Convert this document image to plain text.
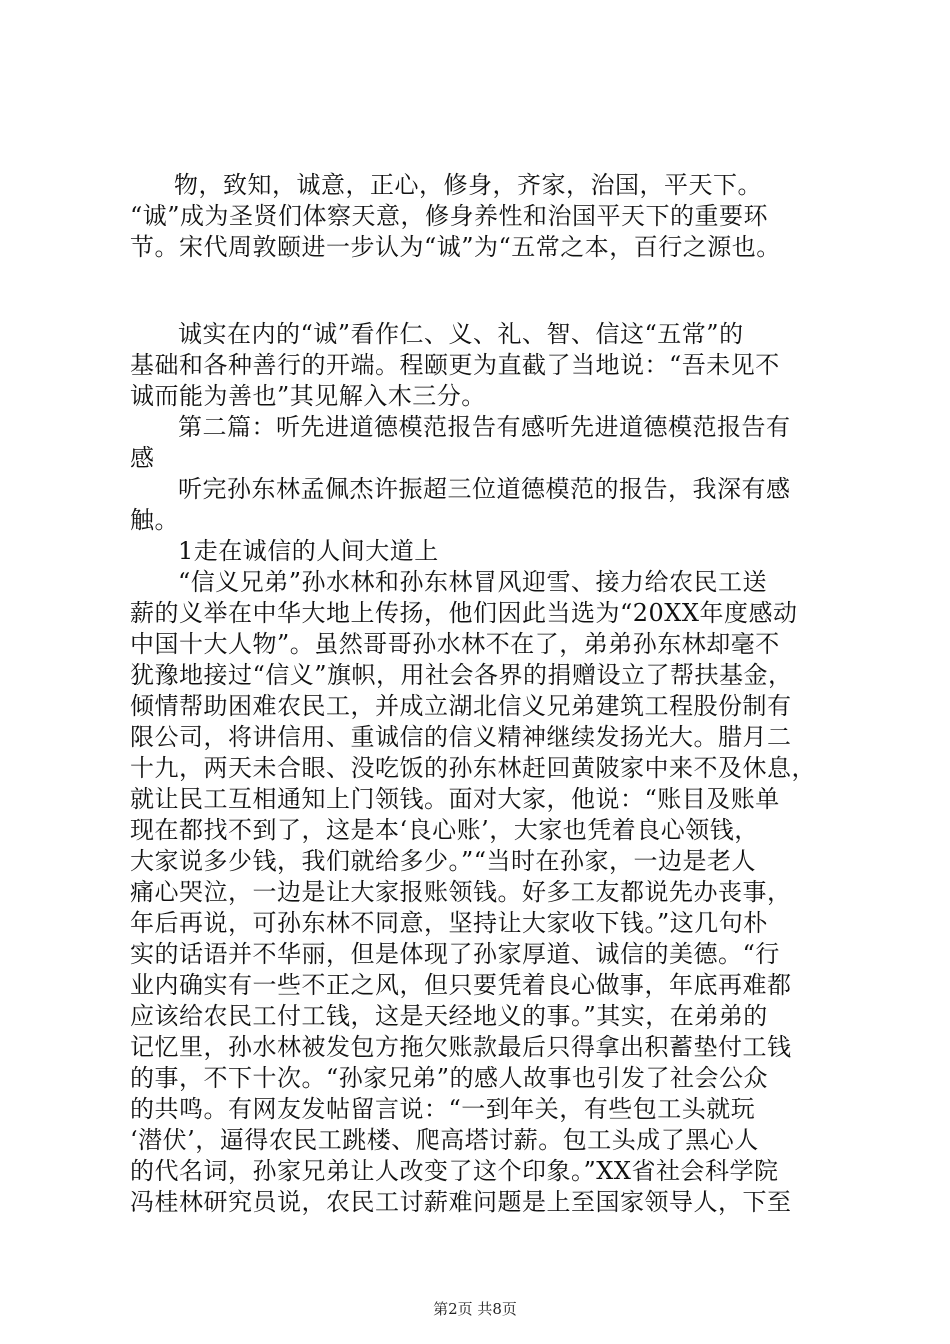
物，致知，诚意，正心，修身，齐家，治国，平天下。
“诚”成为圣贤们体察天意，修身养性和治国平天下的重要环
节。宋代周敦颐进一步认为“诚”为“五常之本，百行之源也。
诚实在内的“诚”看作仁、义、礼、智、信这“五常”的
基础和各种善行的开端。程颐更为直截了当地说：“吾未见不
诚而能为善也”其见解入木三分。
第二篇：听先进道德模范报告有感听先进道德模范报告有
感
听完孙东林孟佩杰许振超三位道德模范的报告，我深有感
触。
1走在诚信的人间大道上
“信义兄弟”孙水林和孙东林冒风迎雪、接力给农民工送
薪的义举在中华大地上传扬，他们因此当选为“20XX年度感动
中国十大人物”。虽然哥哥孙水林不在了，弟弟孙东林却毫不
犹豫地接过“信义”旗帜，用社会各界的捐赠设立了帮扶基金，
倾情帮助困难农民工，并成立湖北信义兄弟建筑工程股份制有
限公司，将讲信用、重诚信的信义精神继续发扬光大。腊月二
十九，两天未合眼、没吃饭的孙东林赶回黄陂家中来不及休息，
就让民工互相通知上门领钱。面对大家，他说：“账目及账单
现在都找不到了，这是本‘良心账’，大家也凭着良心领钱，
大家说多少钱，我们就给多少。”“当时在孙家，一边是老人
痛心哭泣，一边是让大家报账领钱。好多工友都说先办丧事，
年后再说，可孙东林不同意，坚持让大家收下钱。”这几句朴
实的话语并不华丽，但是体现了孙家厚道、诚信的美德。“行
业内确实有一些不正之风，但只要凭着良心做事，年底再难都
应该给农民工付工钱，这是天经地义的事。”其实，在弟弟的
记忆里，孙水林被发包方拖欠账款最后只得拿出积蓄垫付工钱
的事，不下十次。“孙家兄弟”的感人故事也引发了社会公众
的共鸣。有网友发帖留言说：“一到年关，有些包工头就玩
‘潜伏’，逼得农民工跳楼、爬高塔讨薪。包工头成了黑心人
的代名词，孙家兄弟让人改变了这个印象。”XX省社会科学院
冯桂林研究员说，农民工讨薪难问题是上至国家领导人，下至
第2页 共8页
